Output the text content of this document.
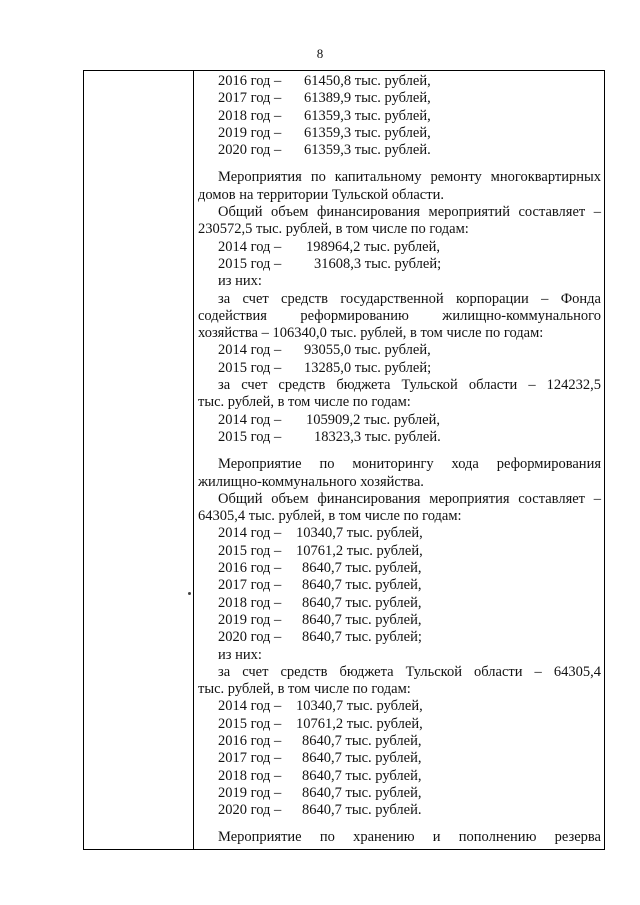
8
2016 год – 61450,8 тыс. рублей,
2017 год – 61389,9 тыс. рублей,
2018 год – 61359,3 тыс. рублей,
2019 год – 61359,3 тыс. рублей,
2020 год – 61359,3 тыс. рублей.
Мероприятия по капитальному ремонту многоквартирных
домов на территории Тульской области.
Общий объем финансирования мероприятий составляет –
230572,5 тыс. рублей, в том числе по годам:
2014 год – 198964,2 тыс. рублей,
2015 год – 31608,3 тыс. рублей;
из них:
за счет средств государственной корпорации – Фонда
содействия реформированию жилищно-коммунального
хозяйства – 106340,0 тыс. рублей, в том числе по годам:
2014 год – 93055,0 тыс. рублей,
2015 год – 13285,0 тыс. рублей;
за счет средств бюджета Тульской области – 124232,5
тыс. рублей, в том числе по годам:
2014 год – 105909,2 тыс. рублей,
2015 год – 18323,3 тыс. рублей.
Мероприятие по мониторингу хода реформирования
жилищно-коммунального хозяйства.
Общий объем финансирования мероприятия составляет –
64305,4 тыс. рублей, в том числе по годам:
2014 год – 10340,7 тыс. рублей,
2015 год – 10761,2 тыс. рублей,
2016 год – 8640,7 тыс. рублей,
2017 год – 8640,7 тыс. рублей,
2018 год – 8640,7 тыс. рублей,
2019 год – 8640,7 тыс. рублей,
2020 год – 8640,7 тыс. рублей;
из них:
за счет средств бюджета Тульской области – 64305,4
тыс. рублей, в том числе по годам:
2014 год – 10340,7 тыс. рублей,
2015 год – 10761,2 тыс. рублей,
2016 год – 8640,7 тыс. рублей,
2017 год – 8640,7 тыс. рублей,
2018 год – 8640,7 тыс. рублей,
2019 год – 8640,7 тыс. рублей,
2020 год – 8640,7 тыс. рублей.
Мероприятие по хранению и пополнению резерва
